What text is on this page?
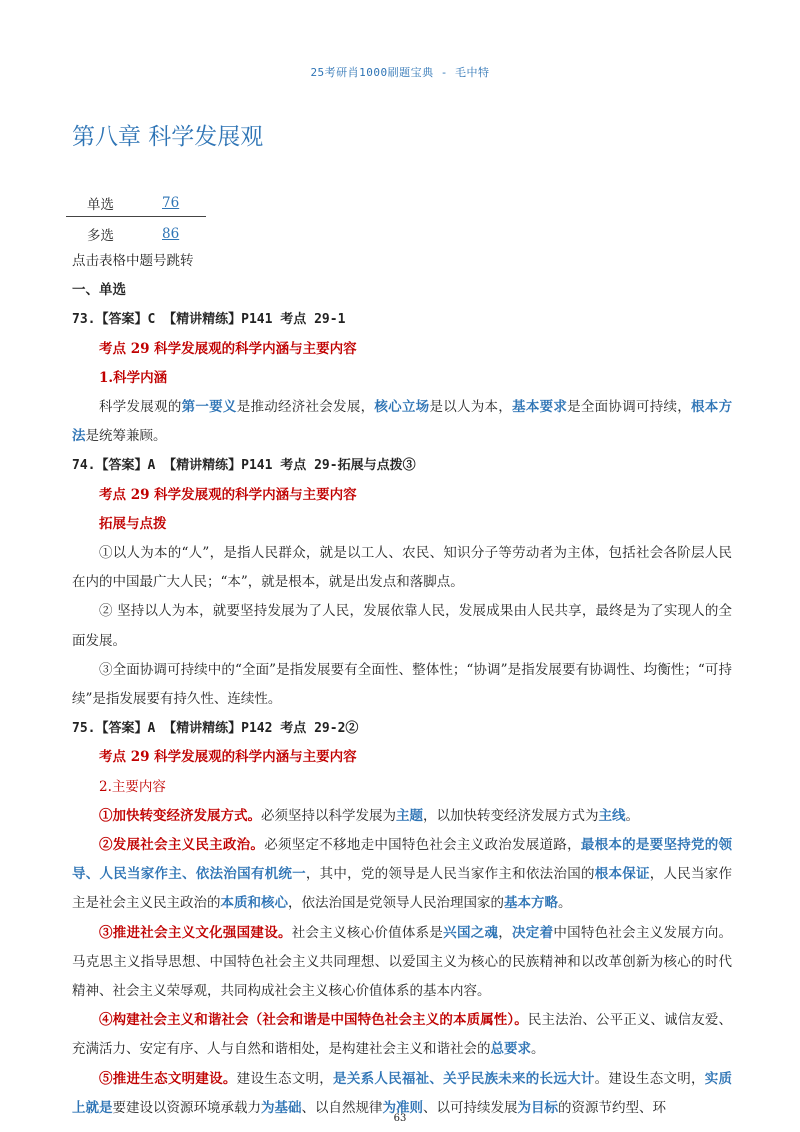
25考研肖1000刷题宝典 - 毛中特
第八章 科学发展观
单选	76
多选	86

点击表格中题号跳转

一、单选

73.【答案】C 【精讲精练】P141 考点 29-1

考点 29 科学发展观的科学内涵与主要内容

1.科学内涵

科学发展观的第一要义是推动经济社会发展，核心立场是以人为本，基本要求是全面协调可持续，根本方法是统筹兼顾。

74.【答案】A 【精讲精练】P141 考点 29-拓展与点拨③

考点 29 科学发展观的科学内涵与主要内容

拓展与点拨

①以人为本的“人”，是指人民群众，就是以工人、农民、知识分子等劳动者为主体，包括社会各阶层人民在内的中国最广大人民；“本”，就是根本，就是出发点和落脚点。

② 坚持以人为本，就要坚持发展为了人民，发展依靠人民，发展成果由人民共享，最终是为了实现人的全面发展。

③全面协调可持续中的“全面”是指发展要有全面性、整体性；“协调”是指发展要有协调性、均衡性；“可持续”是指发展要有持久性、连续性。

75.【答案】A 【精讲精练】P142 考点 29-2②

考点 29 科学发展观的科学内涵与主要内容

2.主要内容

①加快转变经济发展方式。必须坚持以科学发展为主题，以加快转变经济发展方式为主线。

②发展社会主义民主政治。必须坚定不移地走中国特色社会主义政治发展道路，最根本的是要坚持党的领导、人民当家作主、依法治国有机统一，其中，党的领导是人民当家作主和依法治国的根本保证，人民当家作主是社会主义民主政治的本质和核心，依法治国是党领导人民治理国家的基本方略。

③推进社会主义文化强国建设。社会主义核心价值体系是兴国之魂，决定着中国特色社会主义发展方向。马克思主义指导思想、中国特色社会主义共同理想、以爱国主义为核心的民族精神和以改革创新为核心的时代精神、社会主义荣辱观，共同构成社会主义核心价值体系的基本内容。

④构建社会主义和谐社会（社会和谐是中国特色社会主义的本质属性）。民主法治、公平正义、诚信友爱、充满活力、安定有序、人与自然和谐相处，是构建社会主义和谐社会的总要求。

⑤推进生态文明建设。建设生态文明，是关系人民福祉、关乎民族未来的长远大计。建设生态文明，实质上就是要建设以资源环境承载力为基础、以自然规律为准则、以可持续发展为目标的资源节约型、环

63
